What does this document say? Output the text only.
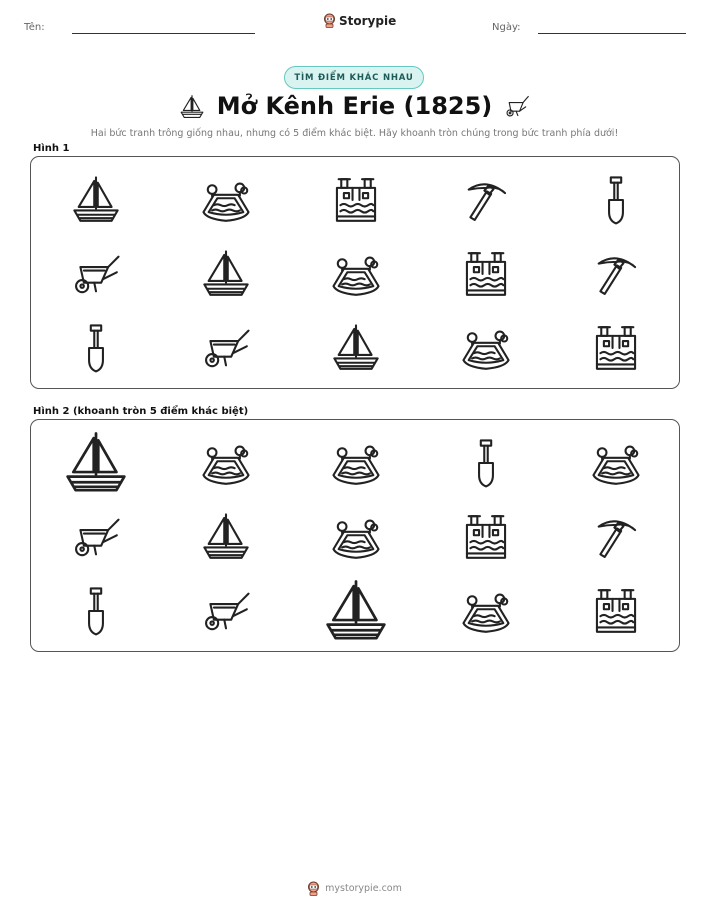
Tên:	Storypie	Ngày:
TÌM ĐIỂM KHÁC NHAU
Mở Kênh Erie (1825)
Hai bức tranh trông giống nhau, nhưng có 5 điểm khác biệt. Hãy khoanh tròn chúng trong bức tranh phía dưới!
Hình 1
Hình 2 (khoanh tròn 5 điểm khác biệt)
mystorypie.com
